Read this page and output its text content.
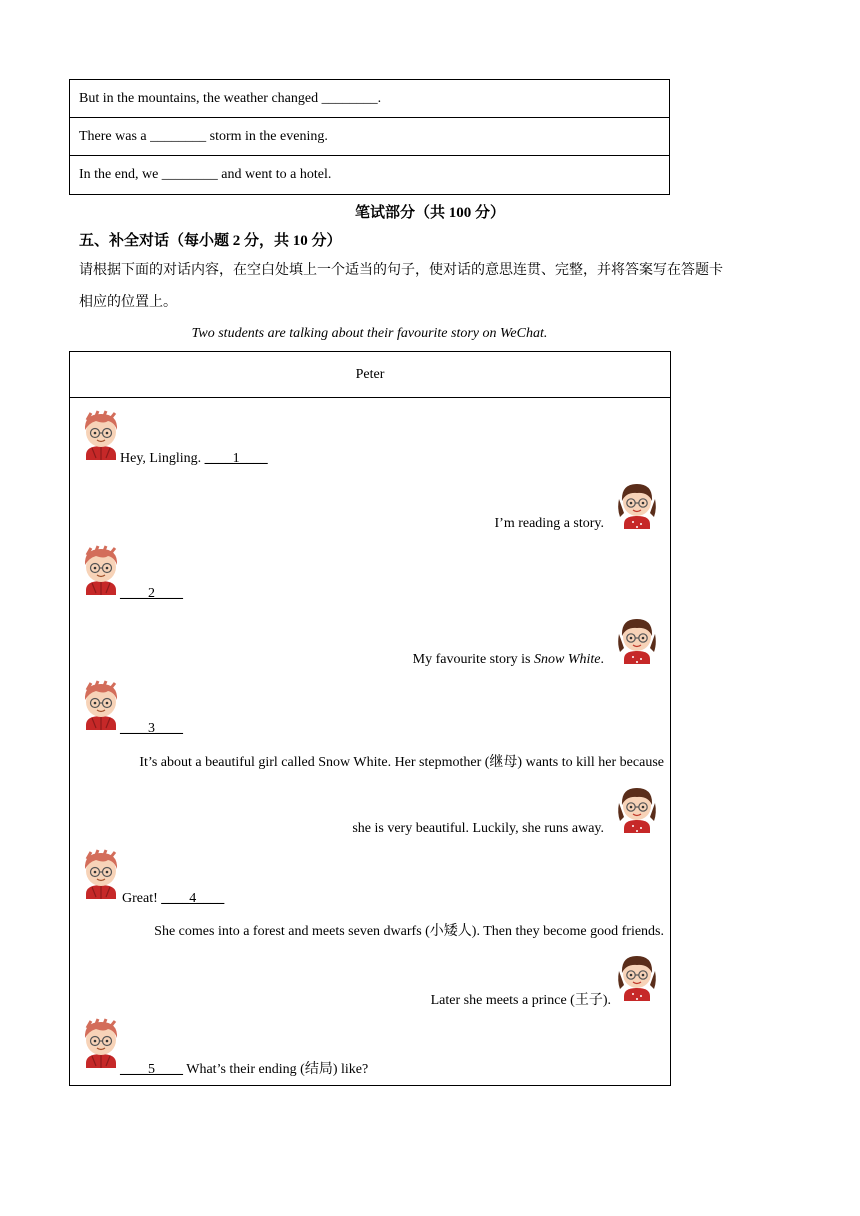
But in the mountains, the weather changed ________.
There was a ________ storm in the evening.
In the end, we ________ and went to a hotel.
笔试部分（共 100 分）
五、补全对话（每小题 2 分，共 10 分）
请根据下面的对话内容，在空白处填上一个适当的句子，使对话的意思连贯、完整，并将答案写在答题卡
相应的位置上。
Two students are talking about their favourite story on WeChat.
Peter
Hey, Lingling. ____1____
I’m reading a story.
____2____
My favourite story is Snow White.
____3____
It’s about a beautiful girl called Snow White. Her stepmother (继母) wants to kill her because
she is very beautiful. Luckily, she runs away.
Great! ____4____
She comes into a forest and meets seven dwarfs (小矮人). Then they become good friends.
Later she meets a prince (王子).
____5____ What’s their ending (结局) like?
